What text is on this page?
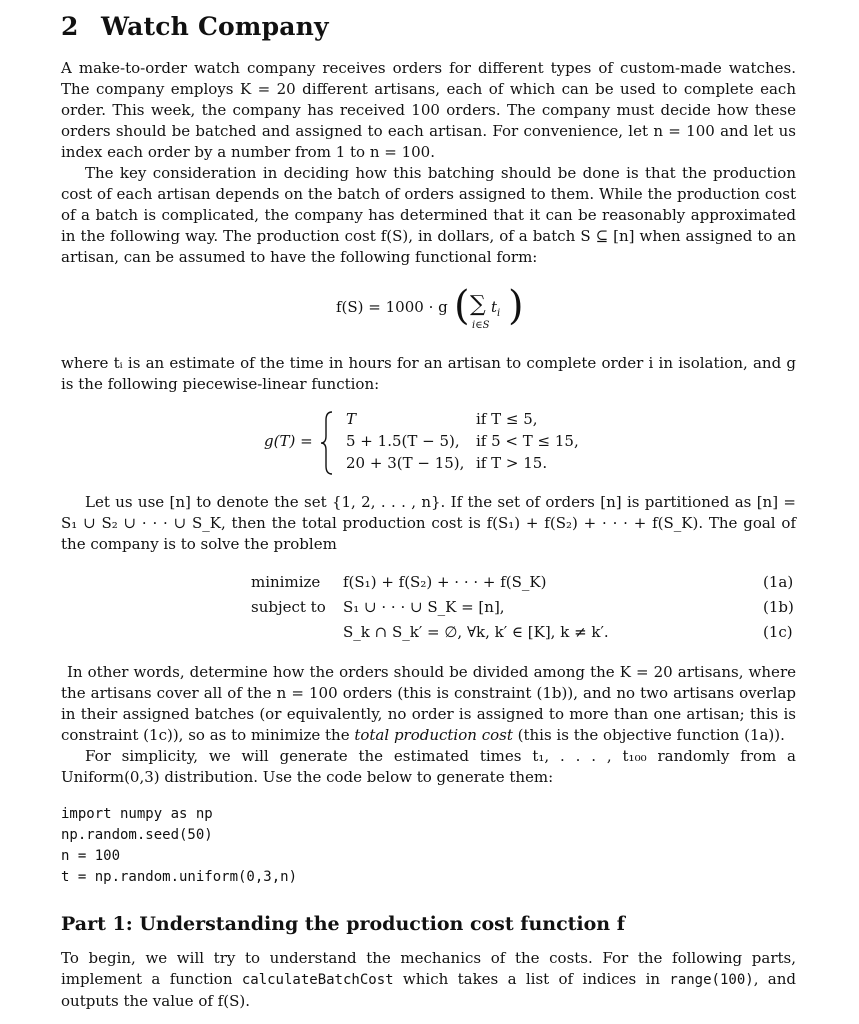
2 Watch Company

A make-to-order watch company receives orders for different types of custom-made watches. The company employs K = 20 different artisans, each of which can be used to complete each order. This week, the company has received 100 orders. The company must decide how these orders should be batched and assigned to each artisan. For convenience, let n = 100 and let us index each order by a number from 1 to n = 100.

The key consideration in deciding how this batching should be done is that the production cost of each artisan depends on the batch of orders assigned to them. While the production cost of a batch is complicated, the company has determined that it can be reasonably approximated in the following way. The production cost f(S), in dollars, of a batch S ⊆ [n] when assigned to an artisan, can be assumed to have the following functional form:

f(S) = 1000 · g ( ∑ $t_i$
i∈S )

where tᵢ is an estimate of the time in hours for an artisan to complete order i in isolation, and g is the following piecewise-linear function:

g(T) =
T	if T ≤ 5,
5 + 1.5(T − 5), if 5 < T ≤ 15,
20 + 3(T − 15), if T > 15.

Let us use [n] to denote the set {1, 2, . . . , n}. If the set of orders [n] is partitioned as [n] = S₁ ∪ S₂ ∪ · · · ∪ S_K, then the total production cost is f(S₁) + f(S₂) + · · · + f(S_K). The goal of the company is to solve the problem

minimize f(S₁) + f(S₂) + · · · + f(S_K)	(1a)
subject to S₁ ∪ · · · ∪ S_K = [n],	(1b)
S_k ∩ S_k′ = ∅, ∀k, k′ ∈ [K], k ≠ k′.	(1c)

In other words, determine how the orders should be divided among the K = 20 artisans, where the artisans cover all of the n = 100 orders (this is constraint (1b)), and no two artisans overlap in their assigned batches (or equivalently, no order is assigned to more than one artisan; this is constraint (1c)), so as to minimize the total production cost (this is the objective function (1a)).

For simplicity, we will generate the estimated times t₁, . . . , t₁₀₀ randomly from a Uniform(0,3) distribution. Use the code below to generate them:

import numpy as np
np.random.seed(50)
n = 100
t = np.random.uniform(0,3,n)
Part 1: Understanding the production cost function f

To begin, we will try to understand the mechanics of the costs. For the following parts, implement a function calculateBatchCost which takes a list of indices in range(100), and outputs the value of f(S).
